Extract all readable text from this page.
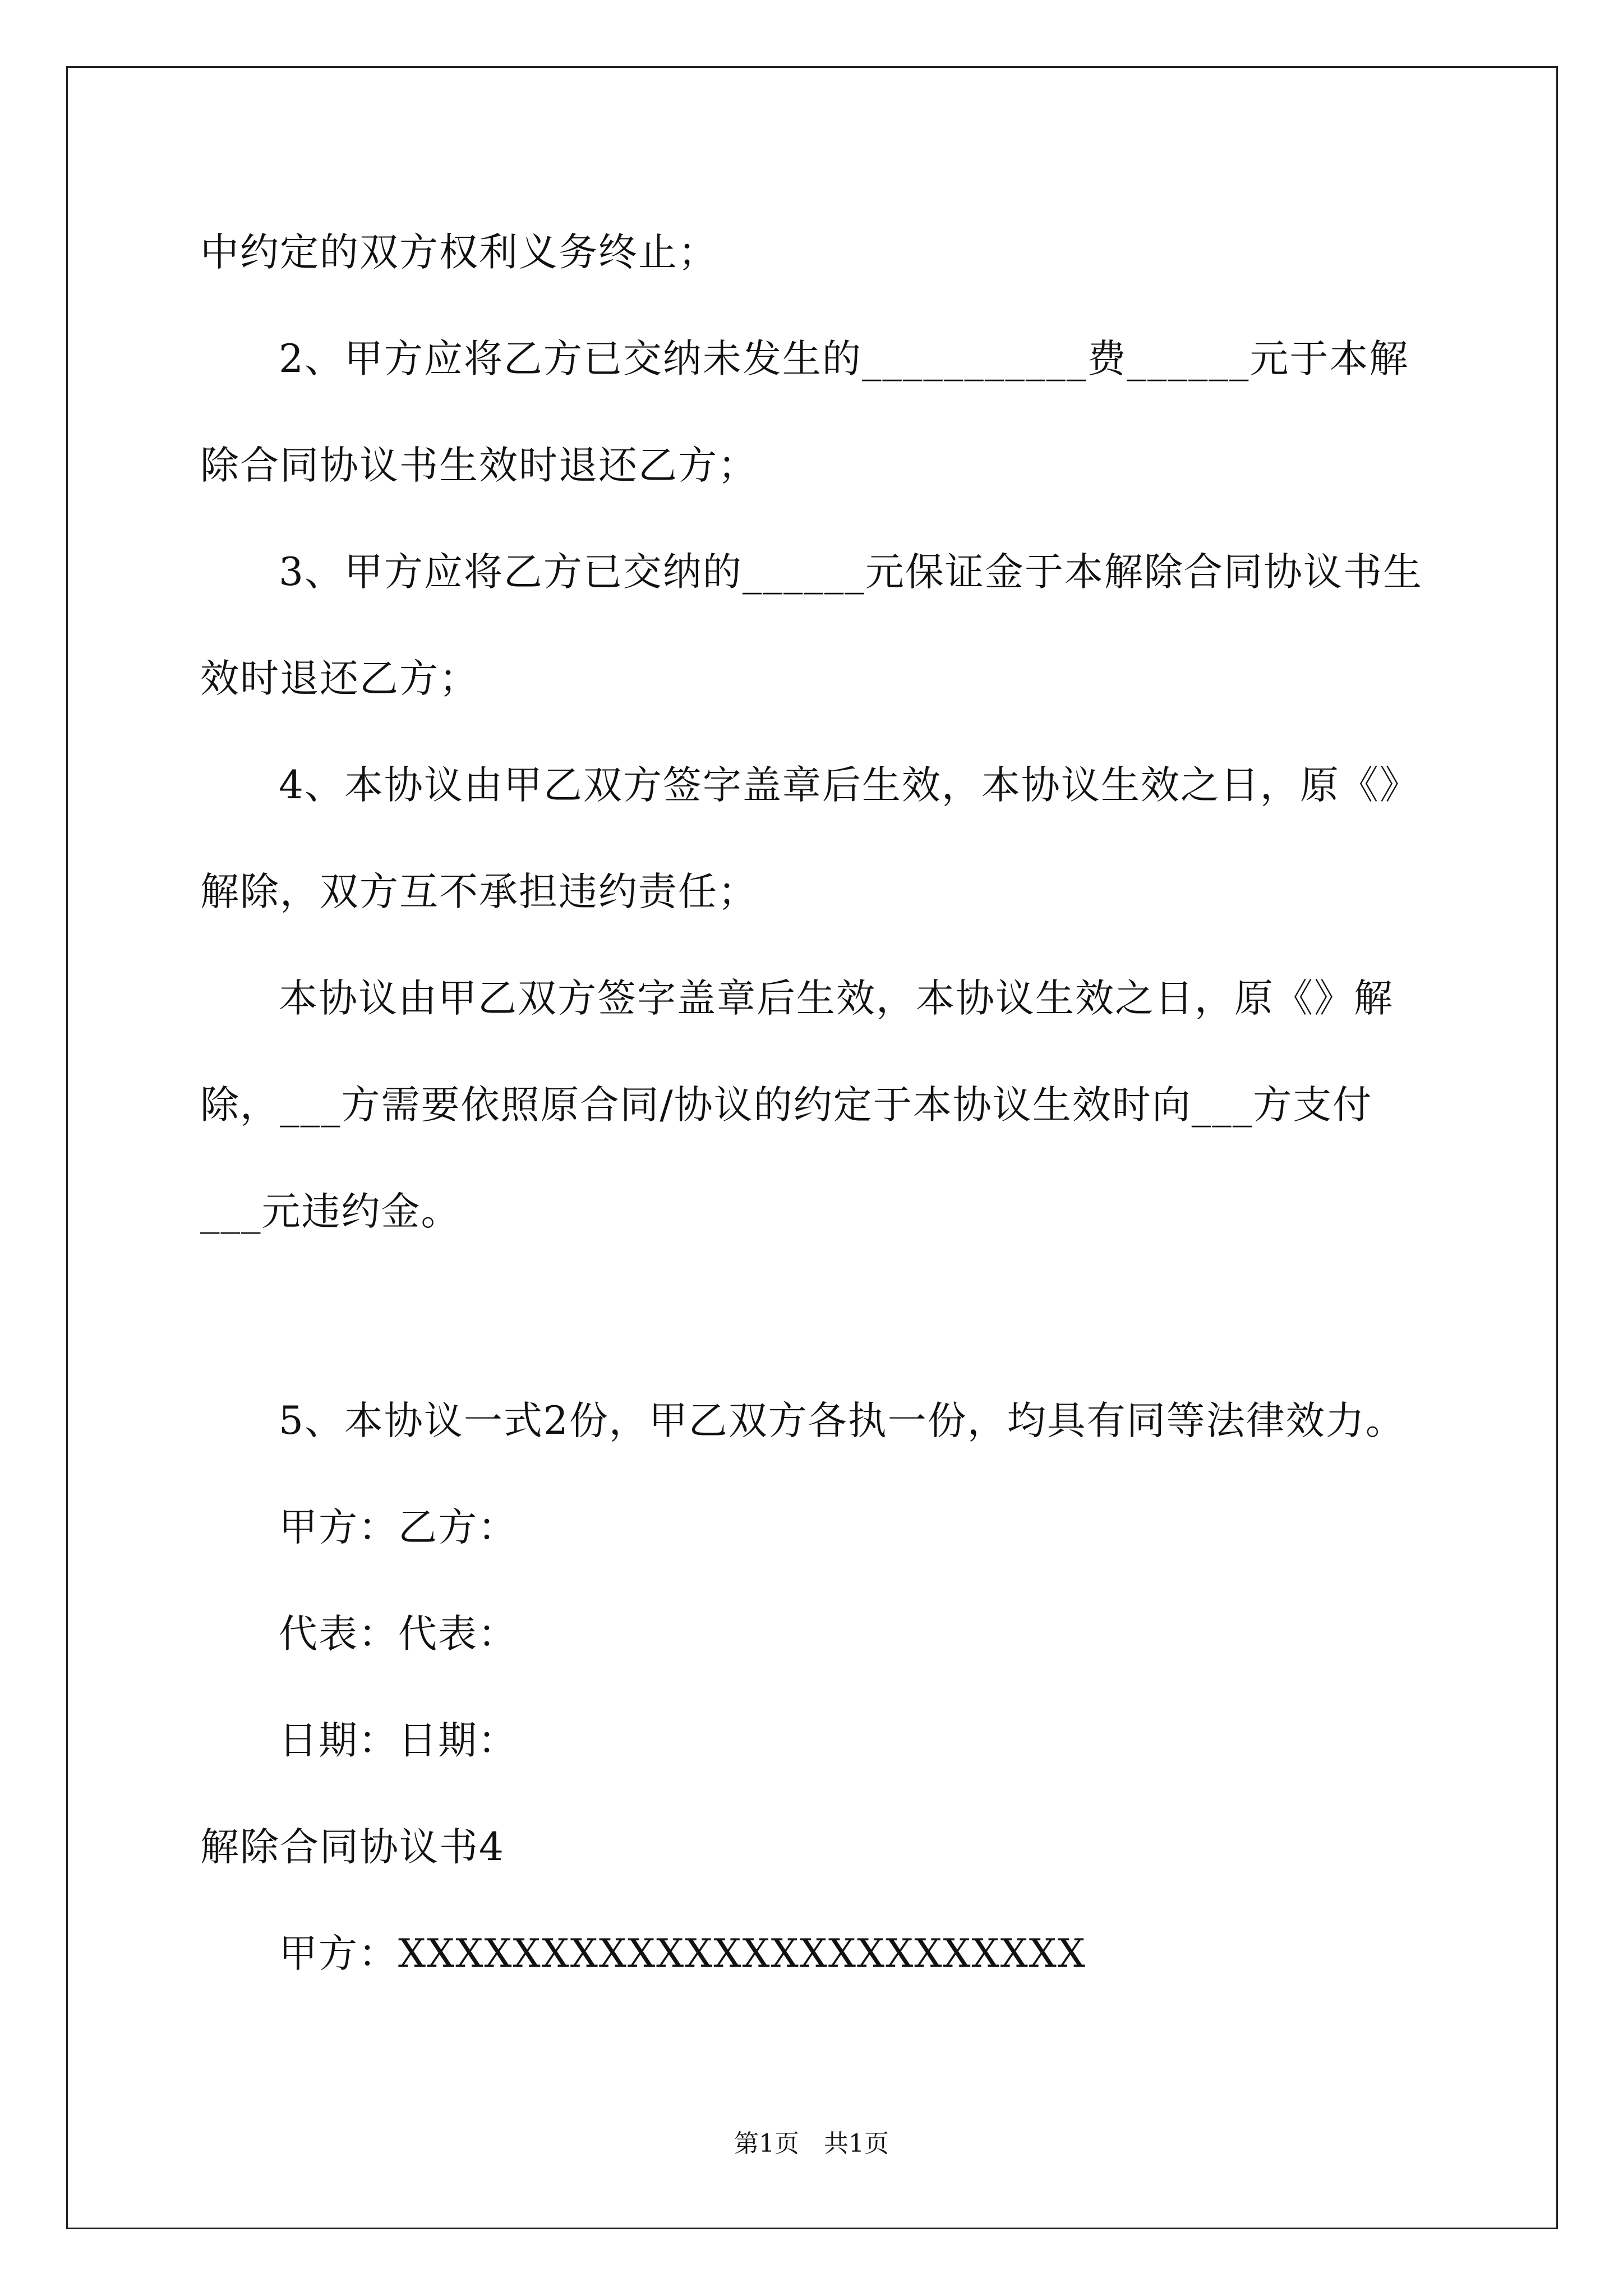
中约定的双方权利义务终止；
2、甲方应将乙方已交纳未发生的___________费______元于本解
除合同协议书生效时退还乙方；
3、甲方应将乙方已交纳的______元保证金于本解除合同协议书生
效时退还乙方；
4、本协议由甲乙双方签字盖章后生效，本协议生效之日，原《》
解除，双方互不承担违约责任；
本协议由甲乙双方签字盖章后生效，本协议生效之日，原《》解
除，___方需要依照原合同/协议的约定于本协议生效时向___方支付
___元违约金。
5、本协议一式2份，甲乙双方各执一份，均具有同等法律效力。
甲方：乙方：
代表：代表：
日期：日期：
解除合同协议书4
甲方：XXXXXXXXXXXXXXXXXXXXXXXX
第1页　共1页
